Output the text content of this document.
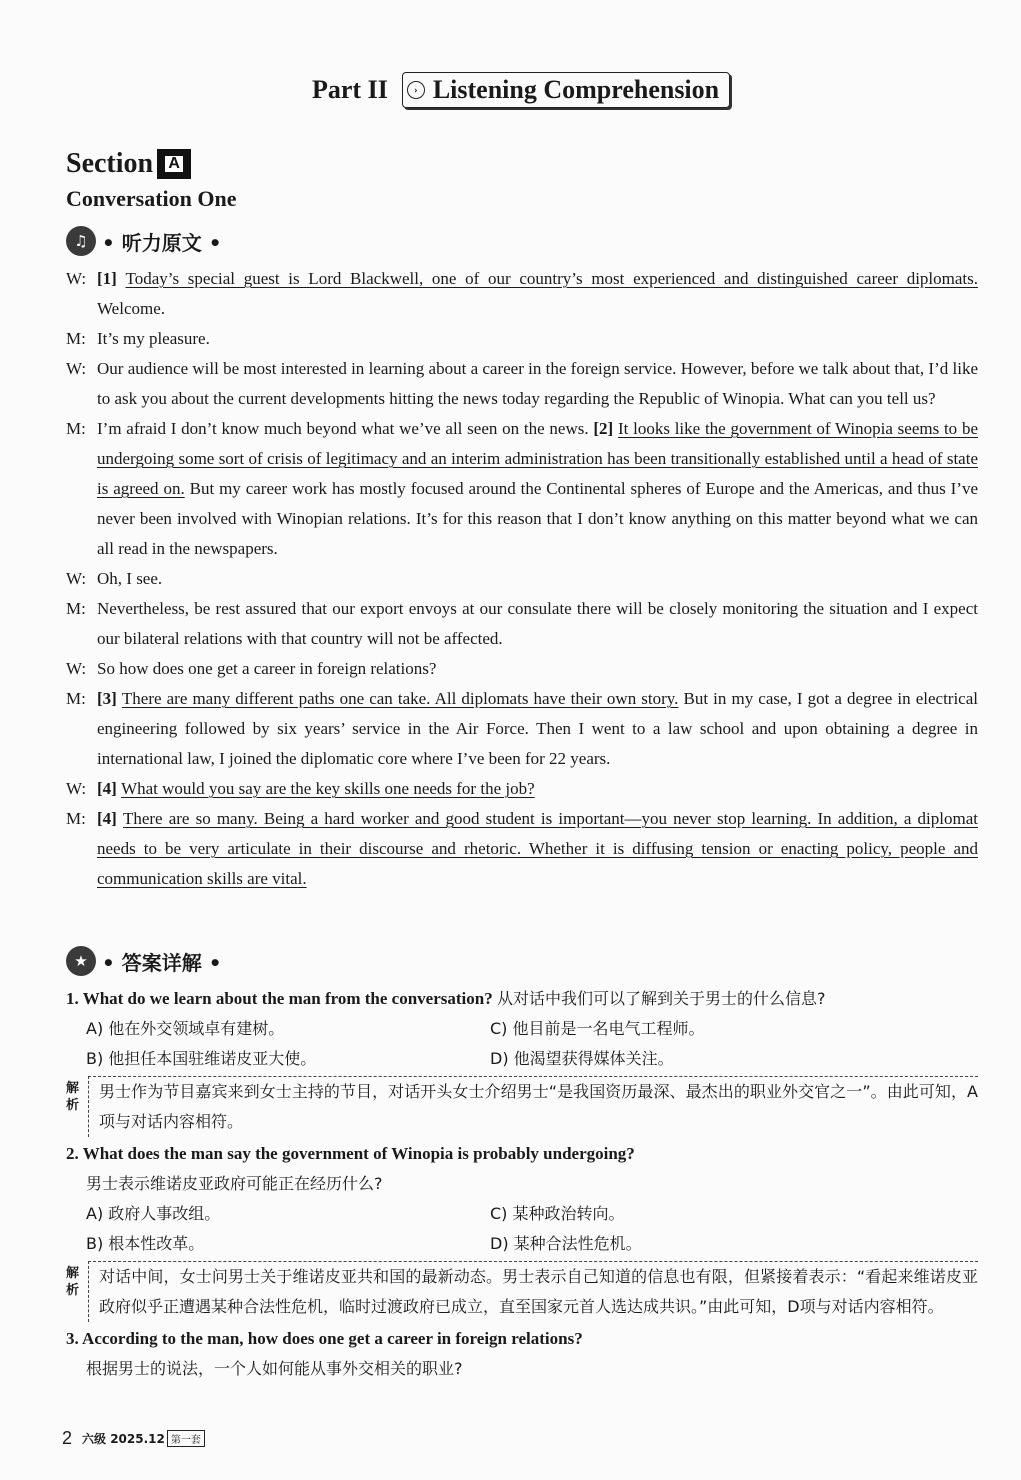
Part II	› Listening Comprehension
Section A
Conversation One
♫ • 听力原文 •
W: [1] Today’s special guest is Lord Blackwell, one of our country’s most experienced and distinguished career diplomats. Welcome.
M: It’s my pleasure.
W: Our audience will be most interested in learning about a career in the foreign service. However, before we talk about that, I’d like to ask you about the current developments hitting the news today regarding the Republic of Winopia. What can you tell us?
M: I’m afraid I don’t know much beyond what we’ve all seen on the news. [2] It looks like the government of Winopia seems to be undergoing some sort of crisis of legitimacy and an interim administration has been transitionally established until a head of state is agreed on. But my career work has mostly focused around the Continental spheres of Europe and the Americas, and thus I’ve never been involved with Winopian relations. It’s for this reason that I don’t know anything on this matter beyond what we can all read in the newspapers.
W: Oh, I see.
M: Nevertheless, be rest assured that our export envoys at our consulate there will be closely monitoring the situation and I expect our bilateral relations with that country will not be affected.
W: So how does one get a career in foreign relations?
M: [3] There are many different paths one can take. All diplomats have their own story. But in my case, I got a degree in electrical engineering followed by six years’ service in the Air Force. Then I went to a law school and upon obtaining a degree in international law, I joined the diplomatic core where I’ve been for 22 years.
W: [4] What would you say are the key skills one needs for the job?
M: [4] There are so many. Being a hard worker and good student is important—you never stop learning. In addition, a diplomat needs to be very articulate in their discourse and rhetoric. Whether it is diffusing tension or enacting policy, people and communication skills are vital.
★ • 答案详解 •
1. What do we learn about the man from the conversation? 从对话中我们可以了解到关于男士的什么信息?
A) 他在外交领域卓有建树。	C) 他目前是一名电气工程师。
B) 他担任本国驻维诺皮亚大使。	D) 他渴望获得媒体关注。
解析
男士作为节目嘉宾来到女士主持的节目，对话开头女士介绍男士“是我国资历最深、最杰出的职业外交官之一”。由此可知，A项与对话内容相符。
2. What does the man say the government of Winopia is probably undergoing?
男士表示维诺皮亚政府可能正在经历什么?
A) 政府人事改组。	C) 某种政治转向。
B) 根本性改革。	D) 某种合法性危机。
解析
对话中间，女士问男士关于维诺皮亚共和国的最新动态。男士表示自己知道的信息也有限，但紧接着表示：“看起来维诺皮亚政府似乎正遭遇某种合法性危机，临时过渡政府已成立，直至国家元首人选达成共识。”由此可知，D项与对话内容相符。
3. According to the man, how does one get a career in foreign relations?
根据男士的说法，一个人如何能从事外交相关的职业?
2 六级 2025.12 第一套
